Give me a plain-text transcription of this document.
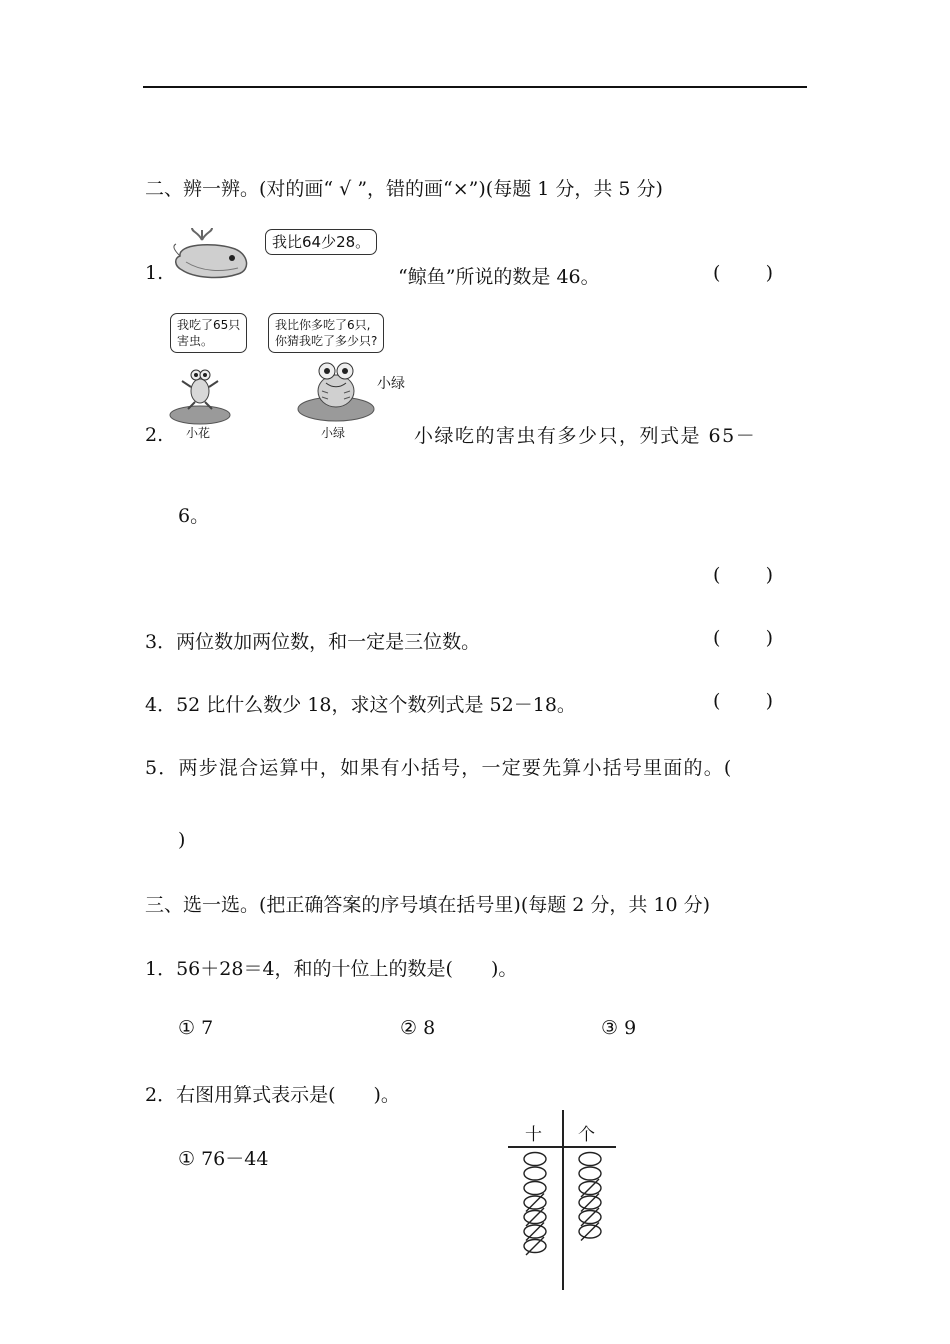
二、辨一辨。(对的画“ √ ”，错的画“×”)(每题 1 分，共 5 分)
1.
我比64少28。
“鲸鱼”所说的数是 46。	( )
我吃了65只
害虫。
我比你多吃了6只,
你猜我吃了多少只?
小绿
小花	小绿
2.	小绿吃的害虫有多少只，列式是 65－
6。
( )
3．两位数加两位数，和一定是三位数。	( )
4．52 比什么数少 18，求这个数列式是 52－18。	( )
5．两步混合运算中，如果有小括号，一定要先算小括号里面的。(
)
三、选一选。(把正确答案的序号填在括号里)(每题 2 分，共 10 分)
1．56＋28＝4，和的十位上的数是(　　)。
① 7	② 8	③ 9
2．右图用算式表示是(　　)。
① 76－44
十 个
